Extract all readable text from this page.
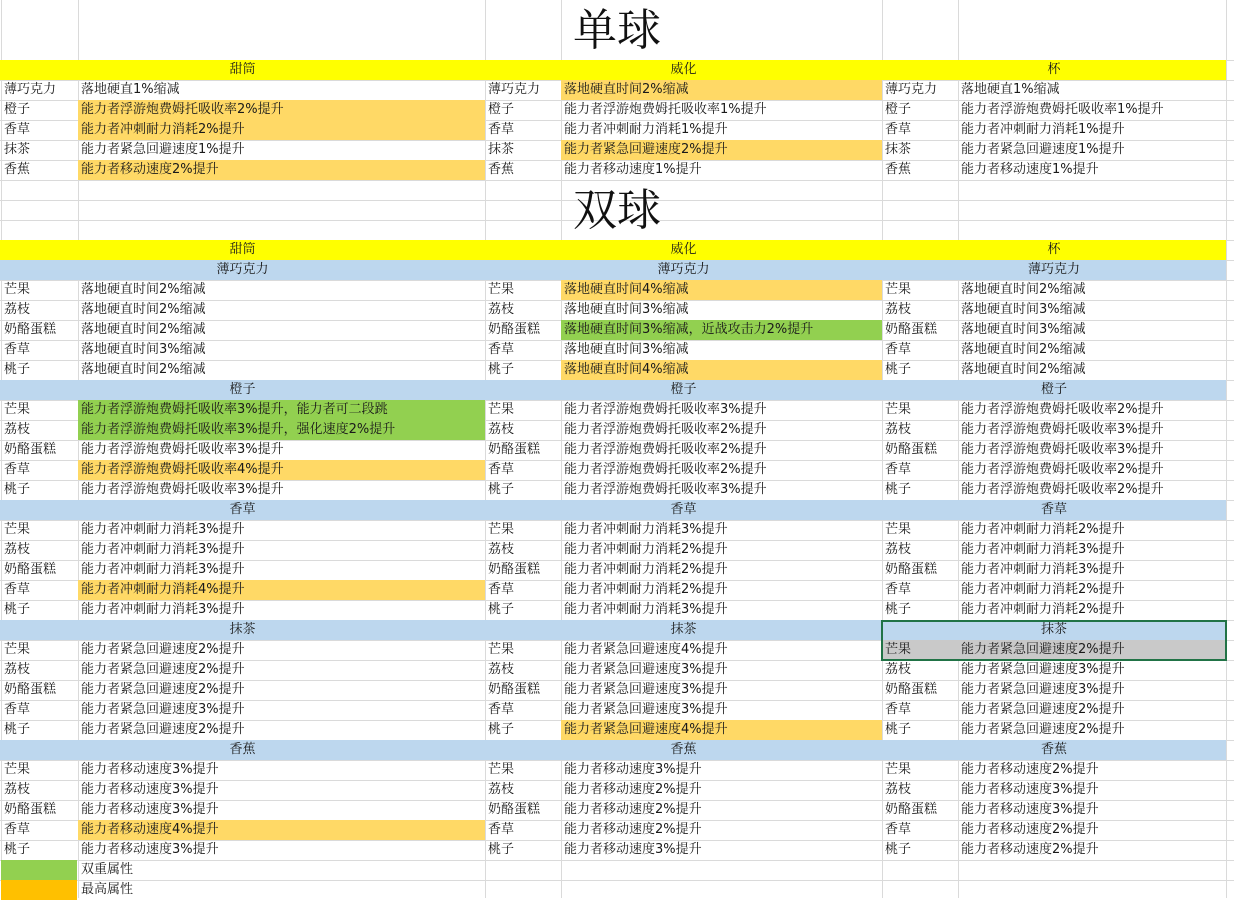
单球
甜筒
薄巧克力	落地硬直1%缩减
橙子	能力者浮游炮费姆托吸收率2%提升
香草	能力者冲刺耐力消耗2%提升
抹茶	能力者紧急回避速度1%提升
香蕉	能力者移动速度2%提升
威化
薄巧克力	落地硬直时间2%缩减
橙子	能力者浮游炮费姆托吸收率1%提升
香草	能力者冲刺耐力消耗1%提升
抹茶	能力者紧急回避速度2%提升
香蕉	能力者移动速度1%提升
杯
薄巧克力	落地硬直1%缩减
橙子	能力者浮游炮费姆托吸收率1%提升
香草	能力者冲刺耐力消耗1%提升
抹茶	能力者紧急回避速度1%提升
香蕉	能力者移动速度1%提升
双球
甜筒	威化	杯
薄巧克力	薄巧克力	薄巧克力
芒果	落地硬直时间2%缩减
荔枝	落地硬直时间2%缩减
奶酪蛋糕	落地硬直时间2%缩减
香草	落地硬直时间3%缩减
桃子	落地硬直时间2%缩减
芒果	落地硬直时间4%缩减
荔枝	落地硬直时间3%缩减
奶酪蛋糕	落地硬直时间3%缩减，近战攻击力2%提升
香草	落地硬直时间3%缩减
桃子	落地硬直时间4%缩减
芒果	落地硬直时间2%缩减
荔枝	落地硬直时间3%缩减
奶酪蛋糕	落地硬直时间3%缩减
香草	落地硬直时间2%缩减
桃子	落地硬直时间2%缩减
橙子	橙子	橙子
芒果	能力者浮游炮费姆托吸收率3%提升，能力者可二段跳
荔枝	能力者浮游炮费姆托吸收率3%提升，强化速度2%提升
奶酪蛋糕	能力者浮游炮费姆托吸收率3%提升
香草	能力者浮游炮费姆托吸收率4%提升
桃子	能力者浮游炮费姆托吸收率3%提升
芒果	能力者浮游炮费姆托吸收率3%提升
荔枝	能力者浮游炮费姆托吸收率2%提升
奶酪蛋糕	能力者浮游炮费姆托吸收率2%提升
香草	能力者浮游炮费姆托吸收率2%提升
桃子	能力者浮游炮费姆托吸收率3%提升
芒果	能力者浮游炮费姆托吸收率2%提升
荔枝	能力者浮游炮费姆托吸收率3%提升
奶酪蛋糕	能力者浮游炮费姆托吸收率3%提升
香草	能力者浮游炮费姆托吸收率2%提升
桃子	能力者浮游炮费姆托吸收率2%提升
香草	香草	香草
芒果	能力者冲刺耐力消耗3%提升
荔枝	能力者冲刺耐力消耗3%提升
奶酪蛋糕	能力者冲刺耐力消耗3%提升
香草	能力者冲刺耐力消耗4%提升
桃子	能力者冲刺耐力消耗3%提升
芒果	能力者冲刺耐力消耗3%提升
荔枝	能力者冲刺耐力消耗2%提升
奶酪蛋糕	能力者冲刺耐力消耗2%提升
香草	能力者冲刺耐力消耗2%提升
桃子	能力者冲刺耐力消耗3%提升
芒果	能力者冲刺耐力消耗2%提升
荔枝	能力者冲刺耐力消耗3%提升
奶酪蛋糕	能力者冲刺耐力消耗3%提升
香草	能力者冲刺耐力消耗2%提升
桃子	能力者冲刺耐力消耗2%提升
抹茶	抹茶	抹茶
芒果	能力者紧急回避速度2%提升
荔枝	能力者紧急回避速度2%提升
奶酪蛋糕	能力者紧急回避速度2%提升
香草	能力者紧急回避速度3%提升
桃子	能力者紧急回避速度2%提升
芒果	能力者紧急回避速度4%提升
荔枝	能力者紧急回避速度3%提升
奶酪蛋糕	能力者紧急回避速度3%提升
香草	能力者紧急回避速度3%提升
桃子	能力者紧急回避速度4%提升
芒果	能力者紧急回避速度2%提升
荔枝	能力者紧急回避速度3%提升
奶酪蛋糕	能力者紧急回避速度3%提升
香草	能力者紧急回避速度2%提升
桃子	能力者紧急回避速度2%提升
香蕉	香蕉	香蕉
芒果	能力者移动速度3%提升
荔枝	能力者移动速度3%提升
奶酪蛋糕	能力者移动速度3%提升
香草	能力者移动速度4%提升
桃子	能力者移动速度3%提升
芒果	能力者移动速度3%提升
荔枝	能力者移动速度2%提升
奶酪蛋糕	能力者移动速度2%提升
香草	能力者移动速度2%提升
桃子	能力者移动速度3%提升
芒果	能力者移动速度2%提升
荔枝	能力者移动速度3%提升
奶酪蛋糕	能力者移动速度3%提升
香草	能力者移动速度2%提升
桃子	能力者移动速度2%提升
双重属性
最高属性
